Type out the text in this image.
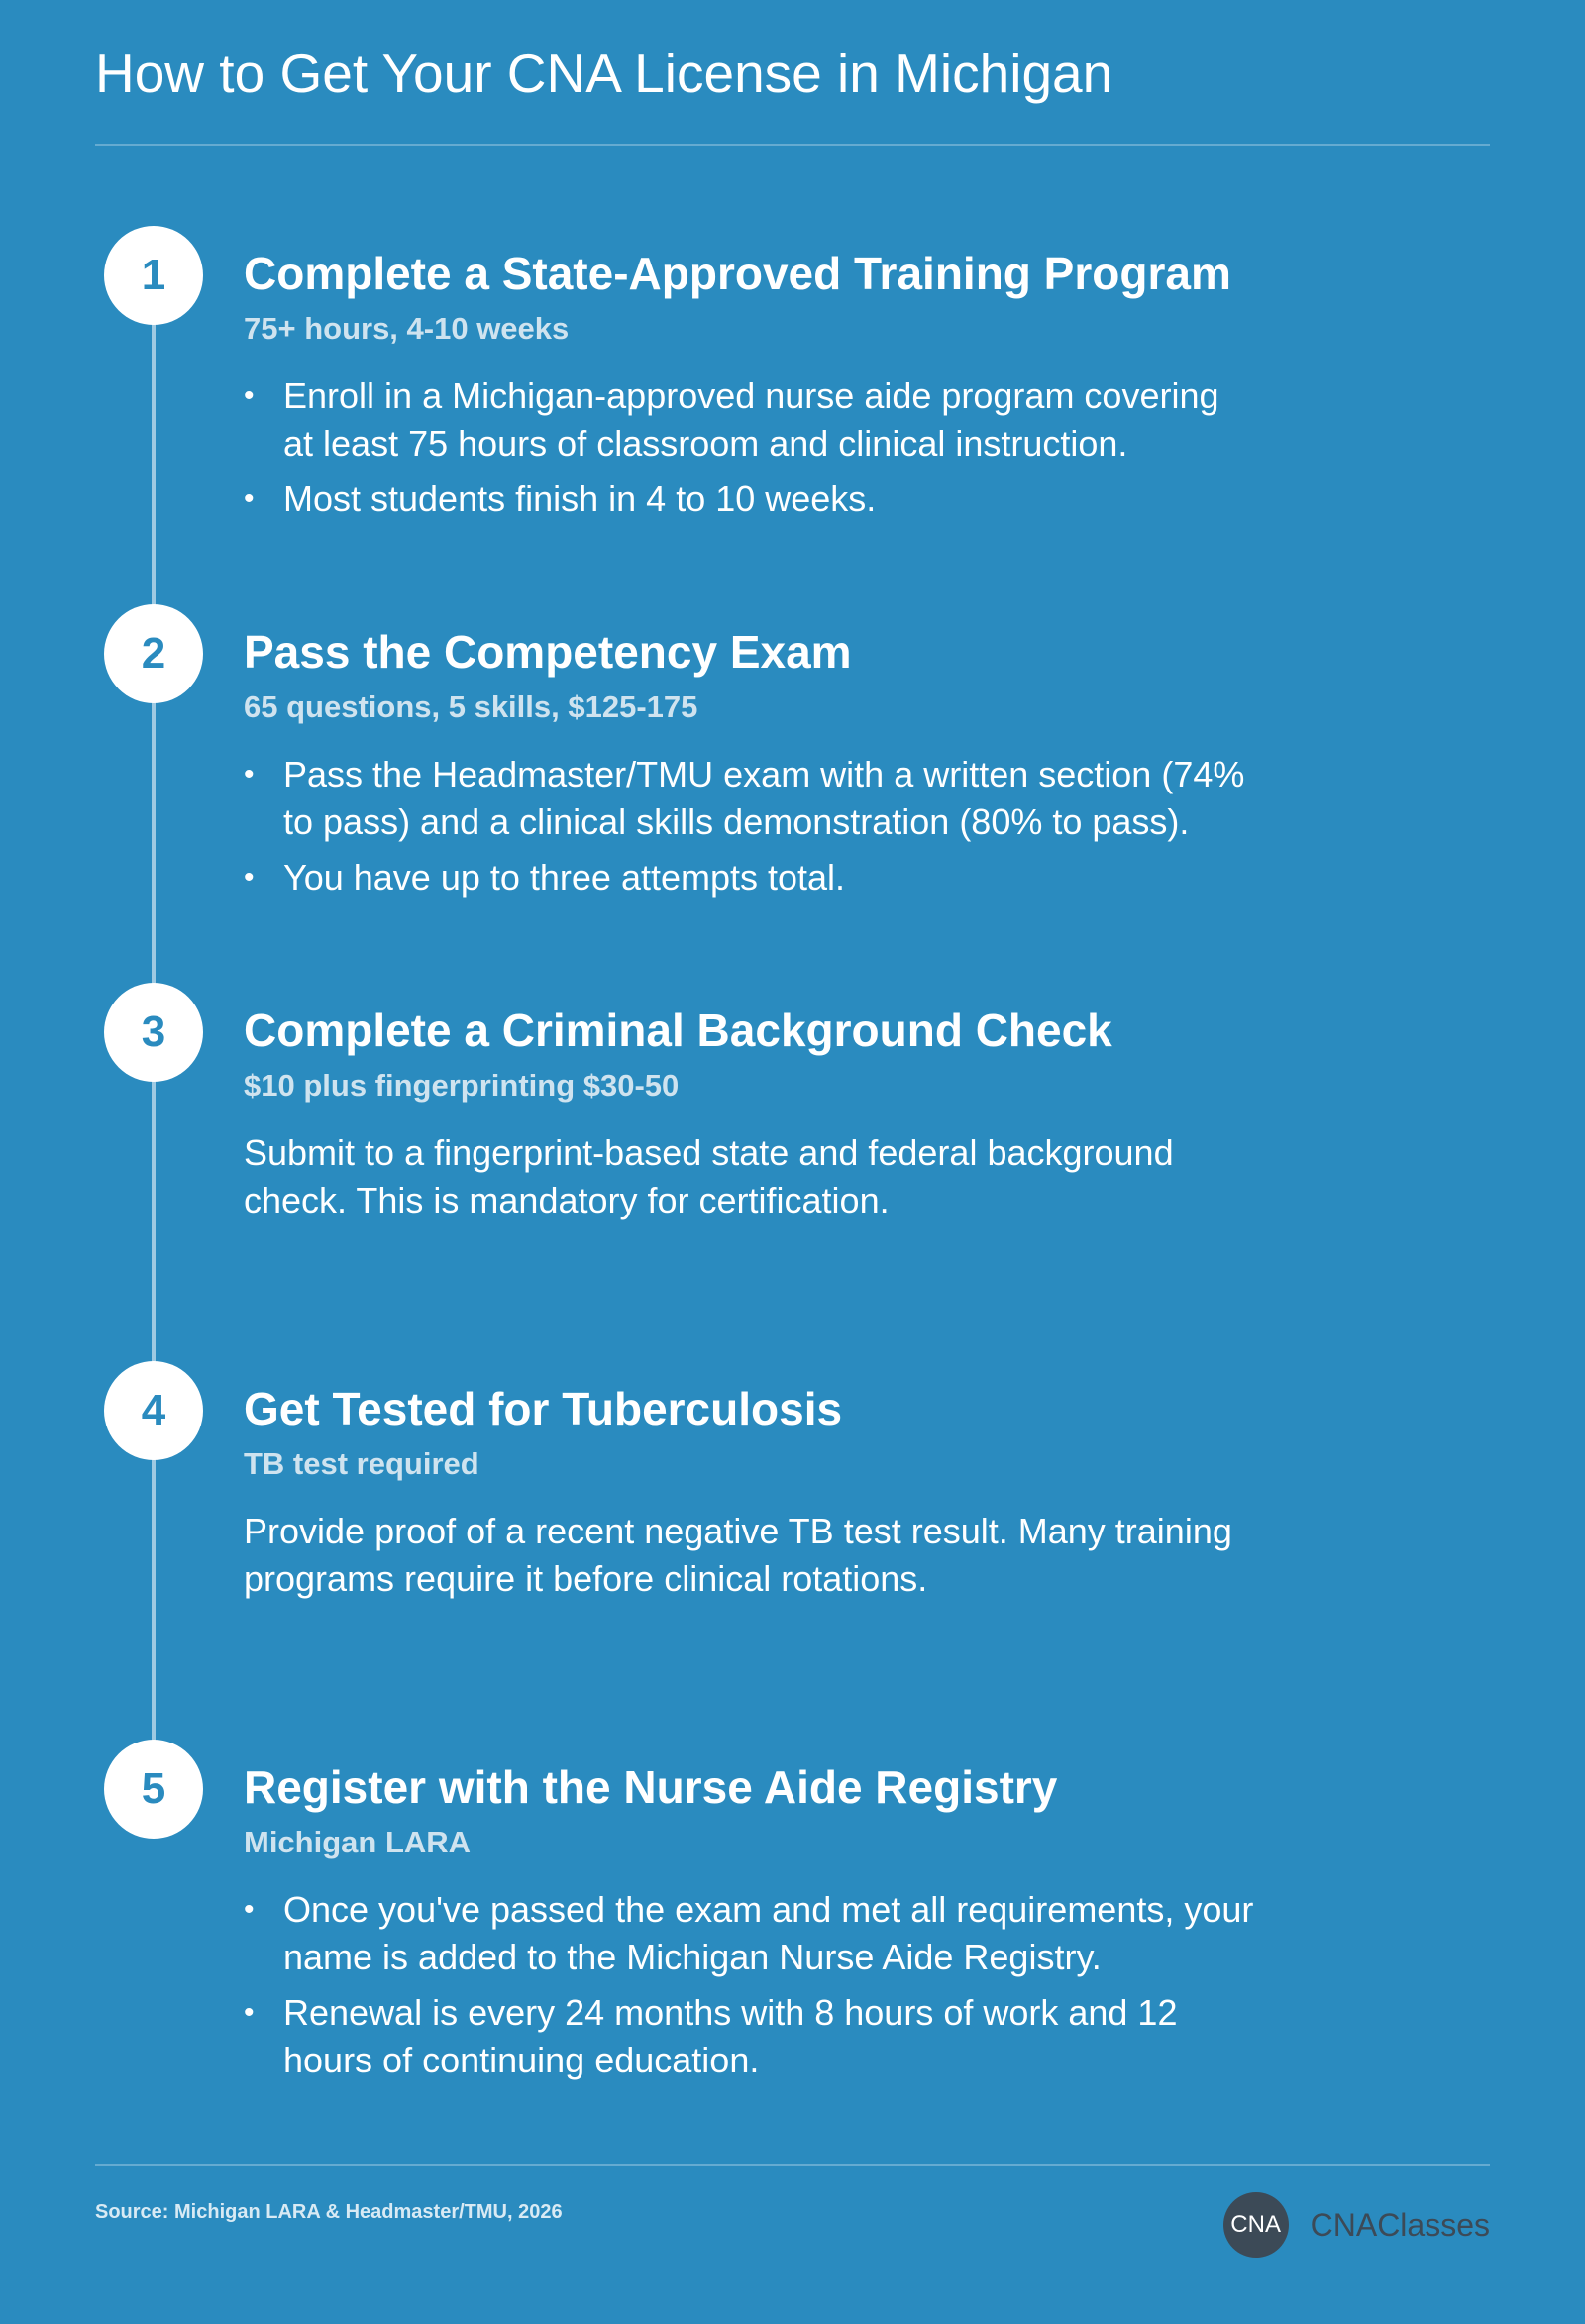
How to Get Your CNA License in Michigan
1	Complete a State-Approved Training Program
75+ hours, 4-10 weeks
• Enroll in a Michigan-approved nurse aide program covering at least 75 hours of classroom and clinical instruction.
• Most students finish in 4 to 10 weeks.
2	Pass the Competency Exam
65 questions, 5 skills, $125-175
• Pass the Headmaster/TMU exam with a written section (74% to pass) and a clinical skills demonstration (80% to pass).
• You have up to three attempts total.
3	Complete a Criminal Background Check
$10 plus fingerprinting $30-50
Submit to a fingerprint-based state and federal background check. This is mandatory for certification.
4	Get Tested for Tuberculosis
TB test required
Provide proof of a recent negative TB test result. Many training programs require it before clinical rotations.
5	Register with the Nurse Aide Registry
Michigan LARA
• Once you've passed the exam and met all requirements, your name is added to the Michigan Nurse Aide Registry.
• Renewal is every 24 months with 8 hours of work and 12 hours of continuing education.
Source: Michigan LARA & Headmaster/TMU, 2026	CNA CNAClasses
